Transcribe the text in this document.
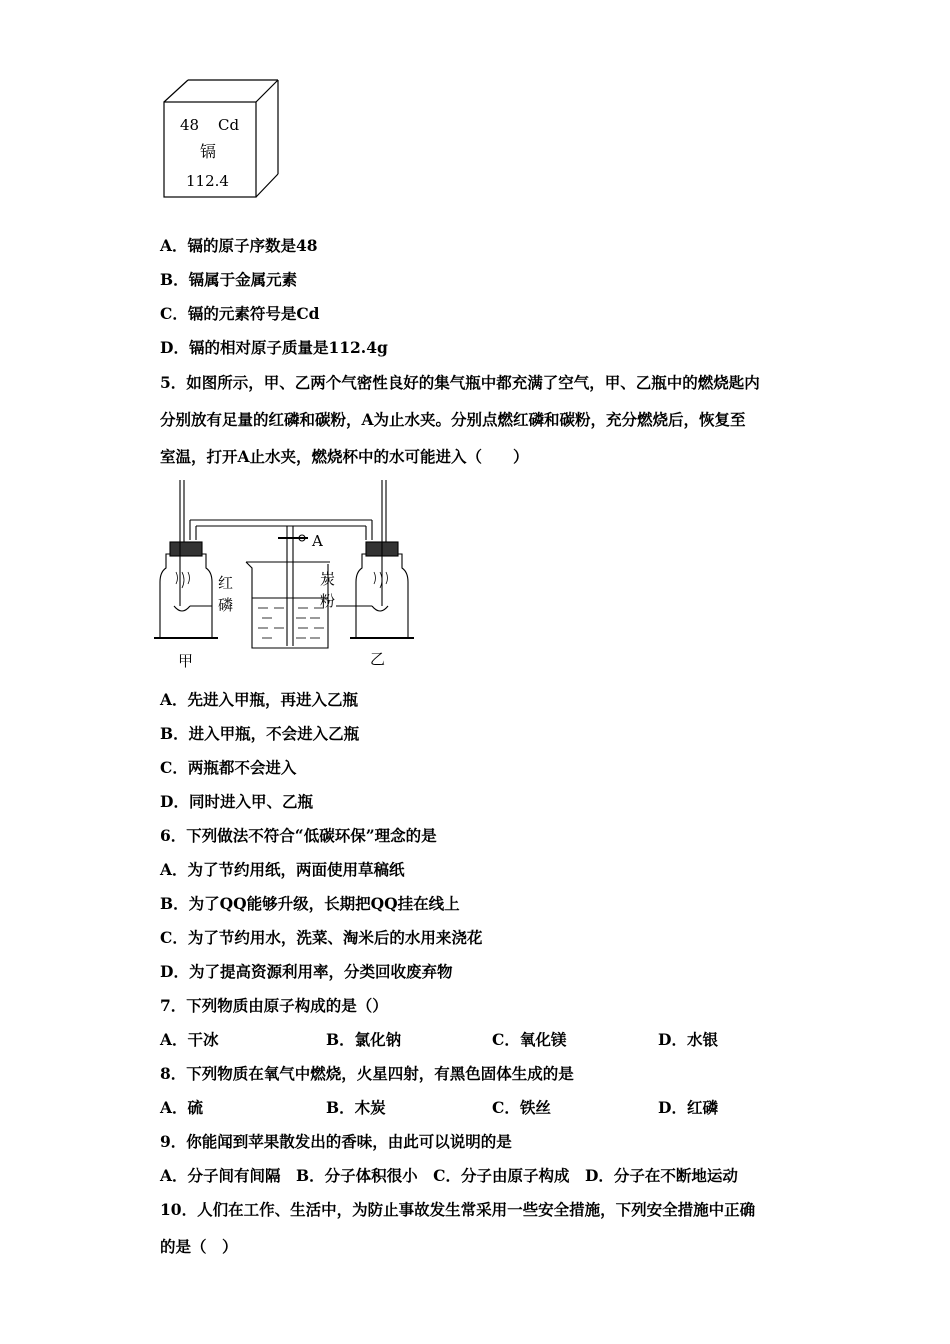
48 Cd
镉
112.4
A．镉的原子序数是48
B．镉属于金属元素
C．镉的元素符号是Cd
D．镉的相对原子质量是112.4g
5．如图所示，甲、乙两个气密性良好的集气瓶中都充满了空气，甲、乙瓶中的燃烧匙内
分别放有足量的红磷和碳粉，A为止水夹。分别点燃红磷和碳粉，充分燃烧后，恢复至
室温，打开A止水夹，燃烧杯中的水可能进入（　　）
A
红
磷
炭
粉
甲	乙
A．先进入甲瓶，再进入乙瓶
B．进入甲瓶，不会进入乙瓶
C．两瓶都不会进入
D．同时进入甲、乙瓶
6．下列做法不符合“低碳环保”理念的是
A．为了节约用纸，两面使用草稿纸
B．为了QQ能够升级，长期把QQ挂在线上
C．为了节约用水，洗菜、淘米后的水用来浇花
D．为了提高资源利用率，分类回收废弃物
7．下列物质由原子构成的是（）
A．干冰	B．氯化钠	C．氧化镁	D．水银
8．下列物质在氧气中燃烧，火星四射，有黑色固体生成的是
A．硫	B．木炭	C．铁丝	D．红磷
9．你能闻到苹果散发出的香味，由此可以说明的是
A．分子间有间隔　B．分子体积很小　C．分子由原子构成　D．分子在不断地运动
10．人们在工作、生活中，为防止事故发生常采用一些安全措施，下列安全措施中正确
的是（　）
